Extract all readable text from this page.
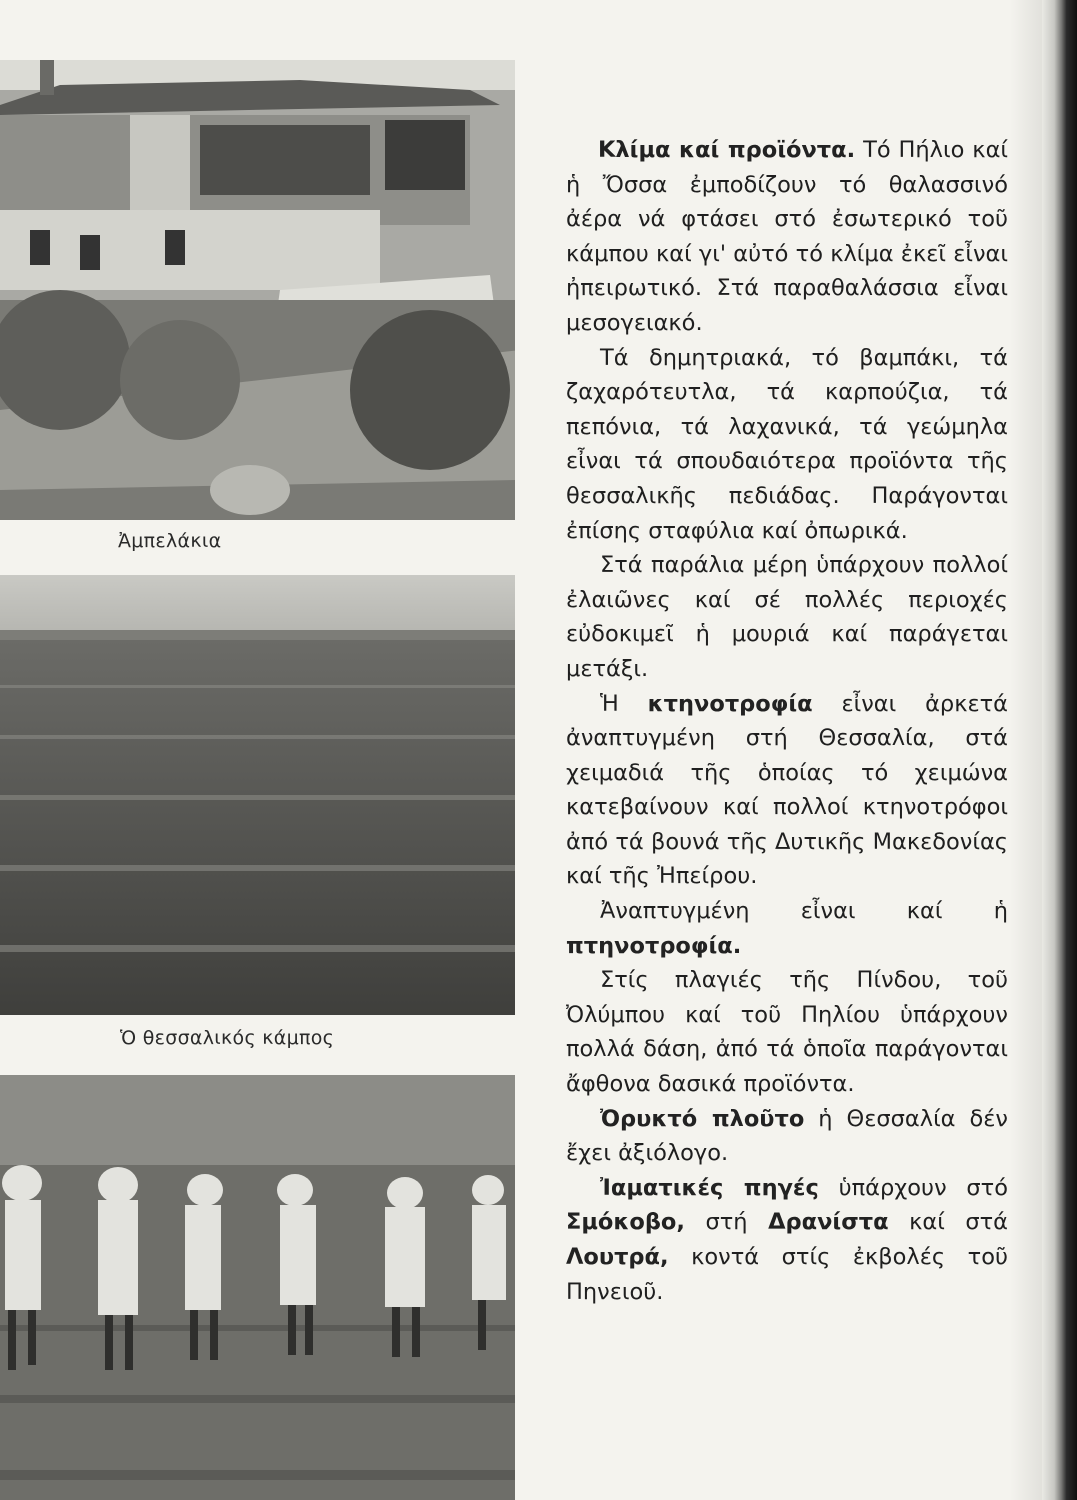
Ἀμπελάκια
Ὁ θεσσαλικός κάμπος

Κλίμα καί προϊόντα. Τό Πήλιο καί ἡ Ὄσσα ἐμποδίζουν τό θαλασσινό ἀέρα νά φτάσει στό ἐσωτερικό τοῦ κάμπου καί γι' αὐτό τό κλίμα ἐκεῖ εἶναι ἠπειρωτικό. Στά παραθαλάσσια εἶναι μεσογειακό.

Τά δημητριακά, τό βαμπάκι, τά ζαχαρότευτλα, τά καρπούζια, τά πεπόνια, τά λαχανικά, τά γεώμηλα εἶναι τά σπουδαιότερα προϊόντα τῆς θεσσαλικῆς πεδιάδας. Παράγονται ἐπίσης σταφύλια καί ὀπωρικά.

Στά παράλια μέρη ὑπάρχουν πολλοί ἐλαιῶνες καί σέ πολλές περιοχές εὐδοκιμεῖ ἡ μουριά καί παράγεται μετάξι.

Ἡ κτηνοτροφία εἶναι ἀρκετά ἀναπτυγμένη στή Θεσσαλία, στά χειμαδιά τῆς ὁποίας τό χειμώνα κατεβαίνουν καί πολλοί κτηνοτρόφοι ἀπό τά βουνά τῆς Δυτικῆς Μακεδονίας καί τῆς Ἠπείρου.

Ἀναπτυγμένη εἶναι καί ἡ πτηνοτροφία.

Στίς πλαγιές τῆς Πίνδου, τοῦ Ὀλύμπου καί τοῦ Πηλίου ὑπάρχουν πολλά δάση, ἀπό τά ὁποῖα παράγονται ἄφθονα δασικά προϊόντα.

Ὀρυκτό πλοῦτο ἡ Θεσσαλία δέν ἔχει ἀξιόλογο.

Ἰαματικές πηγές ὑπάρχουν στό Σμόκοβο, στή Δρανίστα καί στά Λουτρά, κοντά στίς ἐκβολές τοῦ Πηνειοῦ.
